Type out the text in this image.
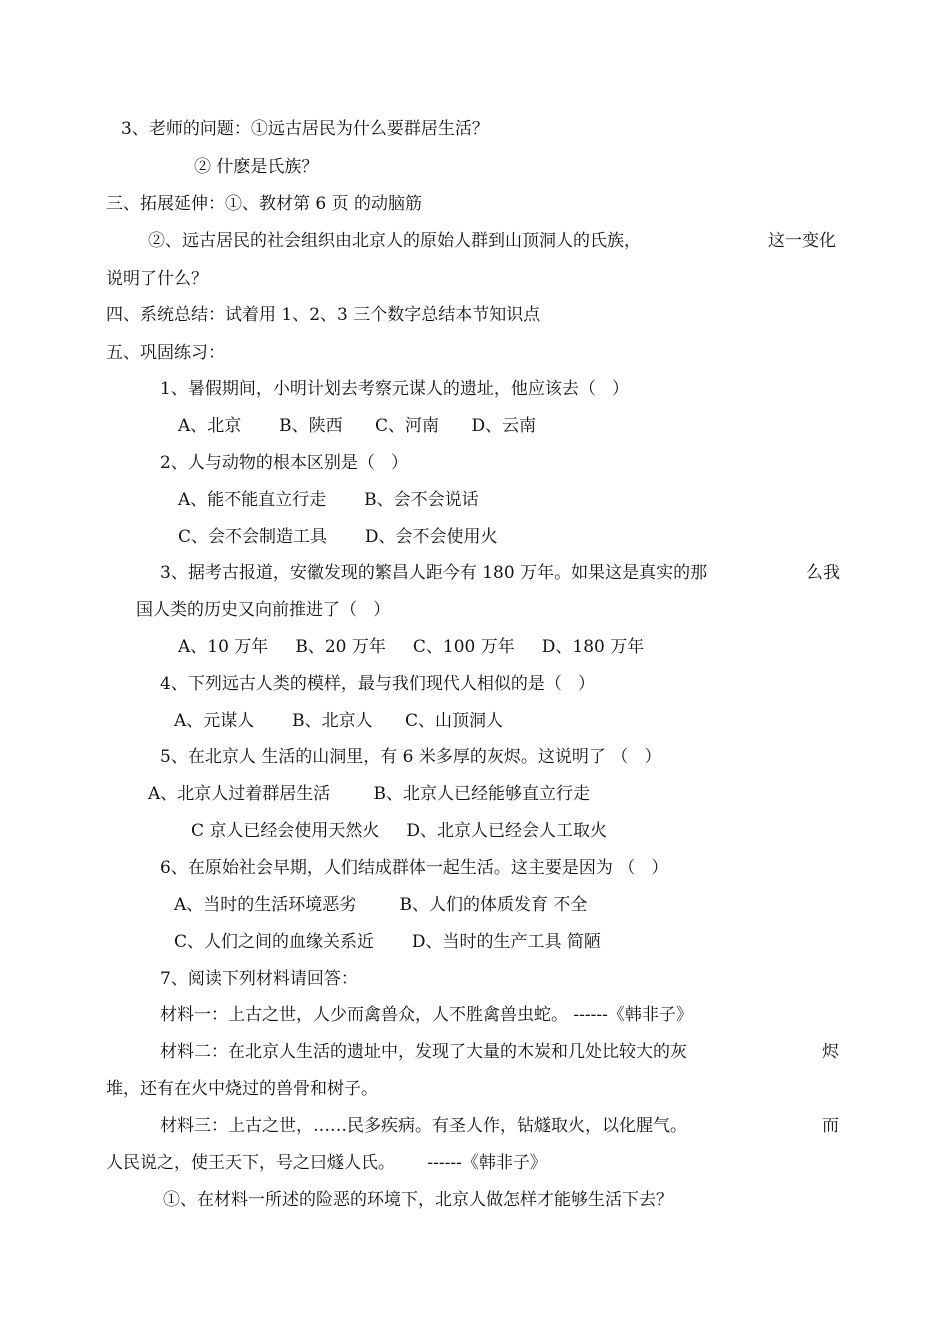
3、老师的问题：①远古居民为什么要群居生活？
② 什麽是氏族？
三、拓展延伸：①、教材第 6 页 的动脑筋
②、远古居民的社会组织由北京人的原始人群到山顶洞人的氏族，	这一变化
说明了什么？
四、系统总结：试着用 1、2、3 三个数字总结本节知识点
五、巩固练习：
1、暑假期间，小明计划去考察元谋人的遗址，他应该去（   ）
A、北京       B、陕西      C、河南      D、云南
2、人与动物的根本区别是（   ）
A、能不能直立行走       B、会不会说话
C、会不会制造工具       D、会不会使用火
3、据考古报道，安徽发现的繁昌人距今有 180 万年。如果这是真实的那	么我
国人类的历史又向前推进了（   ）
A、10 万年     B、20 万年     C、100 万年     D、180 万年
4、下列远古人类的模样，最与我们现代人相似的是（   ）
A、元谋人       B、北京人      C、山顶洞人
5、在北京人 生活的山洞里，有 6 米多厚的灰烬。这说明了 （   ）
A、北京人过着群居生活        B、北京人已经能够直立行走
C 京人已经会使用天然火     D、北京人已经会人工取火
6、在原始社会早期，人们结成群体一起生活。这主要是因为 （   ）
A、当时的生活环境恶劣        B、人们的体质发育 不全
C、人们之间的血缘关系近       D、当时的生产工具 简陋
7、阅读下列材料请回答：
材料一：上古之世，人少而禽兽众，人不胜禽兽虫蛇。 ------《韩非子》
材料二：在北京人生活的遗址中，发现了大量的木炭和几处比较大的灰	烬
堆，还有在火中烧过的兽骨和树子。
材料三：上古之世，……民多疾病。有圣人作，钻燧取火，以化腥气。	而
人民说之，使王天下，号之曰燧人氏。      ------《韩非子》
①、在材料一所述的险恶的环境下，北京人做怎样才能够生活下去？
